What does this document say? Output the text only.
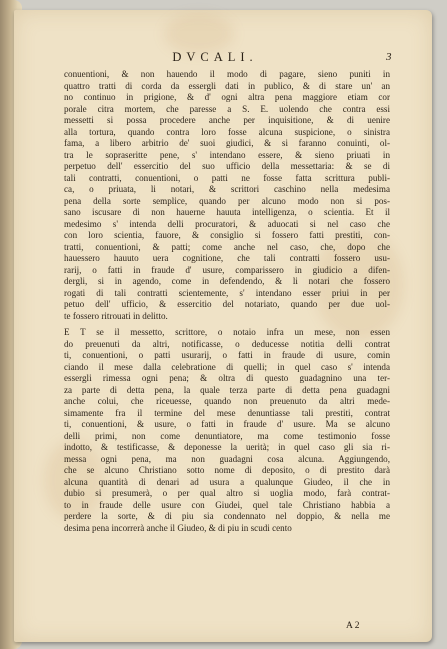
DVCALI.	3
conuentioni, & non hauendo il modo di pagare, sieno puniti in
quattro tratti di corda da essergli dati in publico, & di stare un' an
no continuo in prigione, & d' ogni altra pena maggiore etiam cor
porale citra mortem, che paresse a S. E. uolendo che contra essi
messetti si possa procedere anche per inquisitione, & di uenire
alla tortura, quando contra loro fosse alcuna suspicione, o sinistra
fama, a libero arbitrio de' suoi giudici, & si faranno conuinti, ol-
tra le sopraseritte pene, s' intendano essere, & sieno priuati in
perpetuo dell' essercitio del suo ufficio della messettaria: & se di
tali contratti, conuentioni, o patti ne fosse fatta scrittura publi-
ca, o priuata, li notari, & scrittori caschino nella medesima
pena della sorte semplice, quando per alcuno modo non si pos-
sano iscusare di non hauerne hauuta intelligenza, o scientia. Et il
medesimo s' intenda delli procuratori, & aduocati si nel caso che
con loro scientia, fauore, & consiglio si fossero fatti prestiti, con-
tratti, conuentioni, & patti; come anche nel caso, che, dopo che
hauessero hauuto uera cognitione, che tali contratti fossero usu-
rarij, o fatti in fraude d' usure, comparissero in giudicio a difen-
dergli, si in agendo, come in defendendo, & li notari che fossero
rogati di tali contratti scientemente, s' intendano esser priui in per
petuo dell' ufficio, & essercitio del notariato, quando per due uol-
te fossero ritrouati in delitto.
E T se il messetto, scrittore, o notaio infra un mese, non essen
do preuenuti da altri, notificasse, o deducesse notitia delli contrat
ti, conuentioni, o patti usurarij, o fatti in fraude di usure, comin
ciando il mese dalla celebratione di quelli; in quel caso s' intenda
essergli rimessa ogni pena; & oltra di questo guadagnino una ter-
za parte di detta pena, la quale terza parte di detta pena guadagni
anche colui, che riceuesse, quando non preuenuto da altri mede-
simamente fra il termine del mese denuntiasse tali prestiti, contrat
ti, conuentioni, & usure, o fatti in fraude d' usure. Ma se alcuno
delli primi, non come denuntiatore, ma come testimonio fosse
indotto, & testificasse, & deponesse la uerità; in quel caso gli sia ri-
messa ogni pena, ma non guadagni cosa alcuna. Aggiungendo,
che se alcuno Christiano sotto nome di deposito, o di prestito darà
alcuna quantità di denari ad usura a qualunque Giudeo, il che in
dubio si presumerà, o per qual altro si uoglia modo, farà contrat-
to in fraude delle usure con Giudei, quel tale Christiano habbia a
perdere la sorte, & di piu sia condennato nel doppio, & nella me
desima pena incorrerà anche il Giudeo, & di piu in scudi cento
A 2
